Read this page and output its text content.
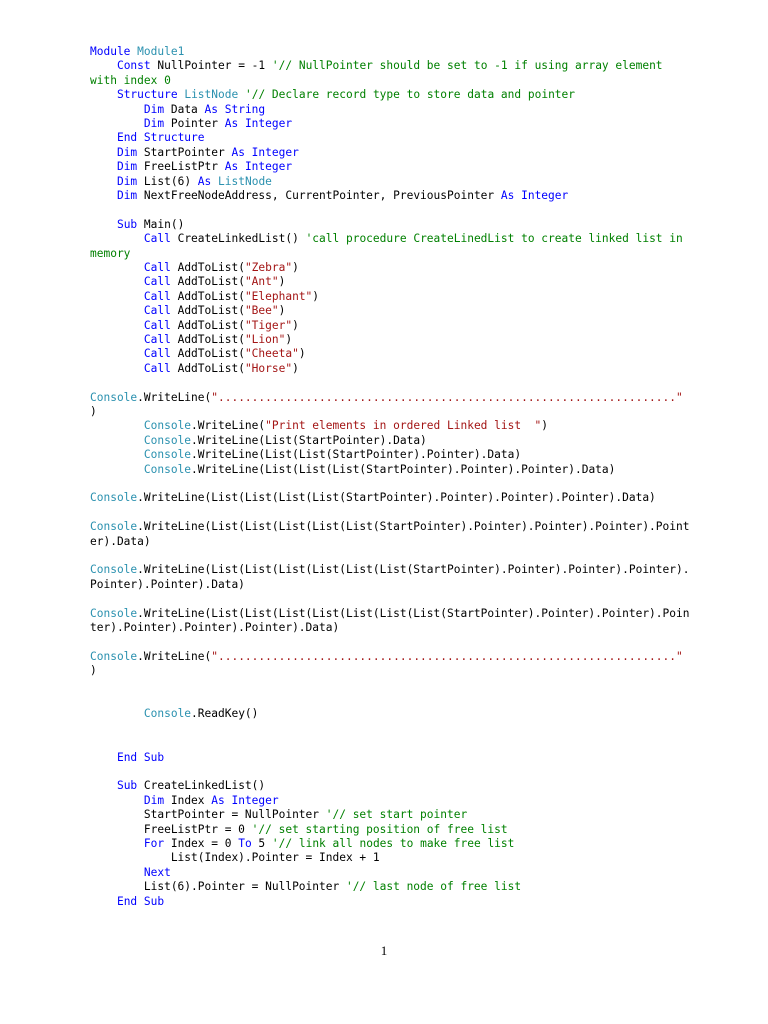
Module Module1
Const NullPointer = -1 '// NullPointer should be set to -1 if using array element
with index 0
Structure ListNode '// Declare record type to store data and pointer
Dim Data As String
Dim Pointer As Integer
End Structure
Dim StartPointer As Integer
Dim FreeListPtr As Integer
Dim List(6) As ListNode
Dim NextFreeNodeAddress, CurrentPointer, PreviousPointer As Integer
Sub Main()
Call CreateLinkedList() 'call procedure CreateLinedList to create linked list in
memory
Call AddToList("Zebra")
Call AddToList("Ant")
Call AddToList("Elephant")
Call AddToList("Bee")
Call AddToList("Tiger")
Call AddToList("Lion")
Call AddToList("Cheeta")
Call AddToList("Horse")
Console.WriteLine("...................................................................."
)
Console.WriteLine("Print elements in ordered Linked list  ")
Console.WriteLine(List(StartPointer).Data)
Console.WriteLine(List(List(StartPointer).Pointer).Data)
Console.WriteLine(List(List(List(StartPointer).Pointer).Pointer).Data)
Console.WriteLine(List(List(List(List(StartPointer).Pointer).Pointer).Pointer).Data)
Console.WriteLine(List(List(List(List(List(StartPointer).Pointer).Pointer).Pointer).Point
er).Data)
Console.WriteLine(List(List(List(List(List(List(StartPointer).Pointer).Pointer).Pointer).
Pointer).Pointer).Data)
Console.WriteLine(List(List(List(List(List(List(List(StartPointer).Pointer).Pointer).Poin
ter).Pointer).Pointer).Pointer).Data)
Console.WriteLine("...................................................................."
)
Console.ReadKey()
End Sub
Sub CreateLinkedList()
Dim Index As Integer
StartPointer = NullPointer '// set start pointer
FreeListPtr = 0 '// set starting position of free list
For Index = 0 To 5 '// link all nodes to make free list
List(Index).Pointer = Index + 1
Next
List(6).Pointer = NullPointer '// last node of free list
End Sub
1
